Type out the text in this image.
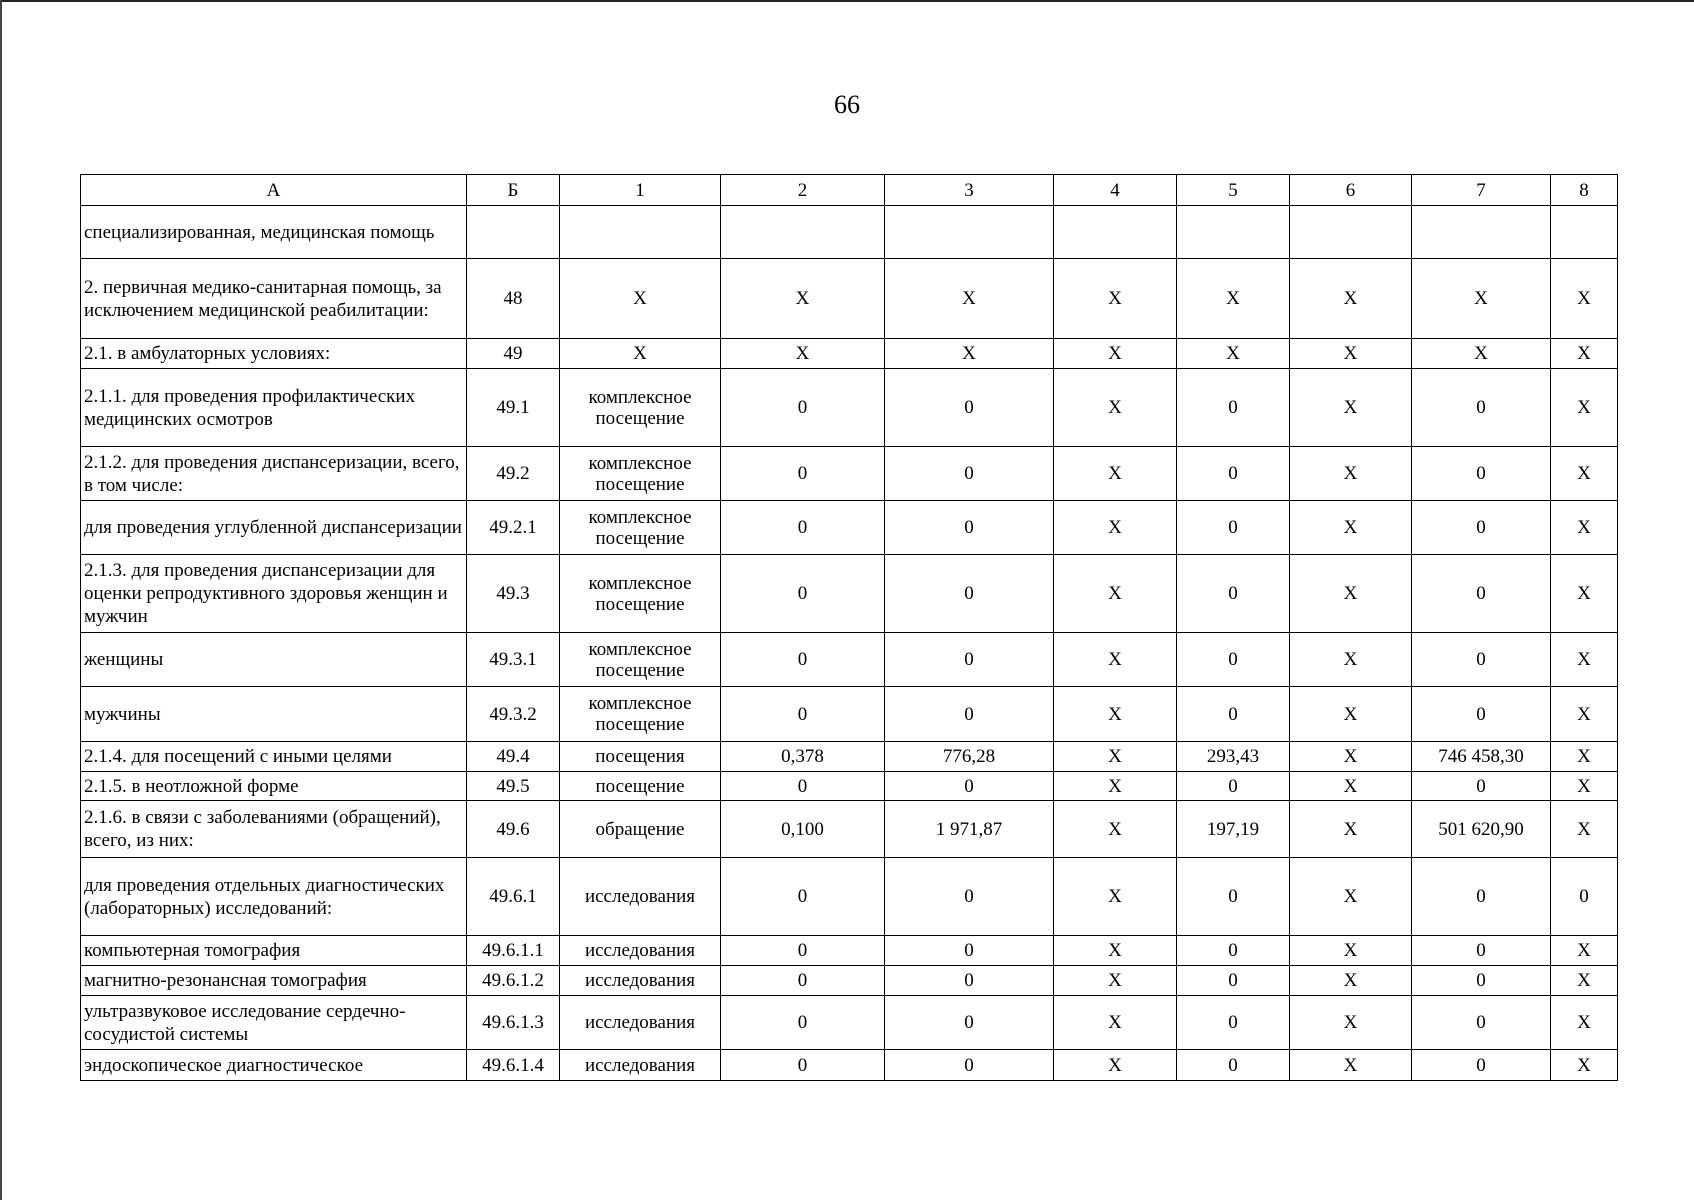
66
А	Б	1	2	3	4	5	6	7	8
специализированная, медицинская помощь									
2. первичная медико-санитарная помощь, за исключением медицинской реабилитации:	48	X	X	X	X	X	X	X	X
2.1. в амбулаторных условиях:	49	X	X	X	X	X	X	X	X
2.1.1. для проведения профилактических медицинских осмотров	49.1	комплексное посещение	0	0	X	0	X	0	X
2.1.2. для проведения диспансеризации, всего, в том числе:	49.2	комплексное посещение	0	0	X	0	X	0	X
для проведения углубленной диспансеризации	49.2.1	комплексное посещение	0	0	X	0	X	0	X
2.1.3. для проведения диспансеризации для оценки репродуктивного здоровья женщин и мужчин	49.3	комплексное посещение	0	0	X	0	X	0	X
женщины	49.3.1	комплексное посещение	0	0	X	0	X	0	X
мужчины	49.3.2	комплексное посещение	0	0	X	0	X	0	X
2.1.4. для посещений с иными целями	49.4	посещения	0,378	776,28	X	293,43	X	746 458,30	X
2.1.5. в неотложной форме	49.5	посещение	0	0	X	0	X	0	X
2.1.6. в связи с заболеваниями (обращений), всего, из них:	49.6	обращение	0,100	1 971,87	X	197,19	X	501 620,90	X
для проведения отдельных диагностических (лабораторных) исследований:	49.6.1	исследования	0	0	X	0	X	0	0
компьютерная томография	49.6.1.1	исследования	0	0	X	0	X	0	X
магнитно-резонансная томография	49.6.1.2	исследования	0	0	X	0	X	0	X
ультразвуковое исследование сердечно-сосудистой системы	49.6.1.3	исследования	0	0	X	0	X	0	X
эндоскопическое диагностическое	49.6.1.4	исследования	0	0	X	0	X	0	X
